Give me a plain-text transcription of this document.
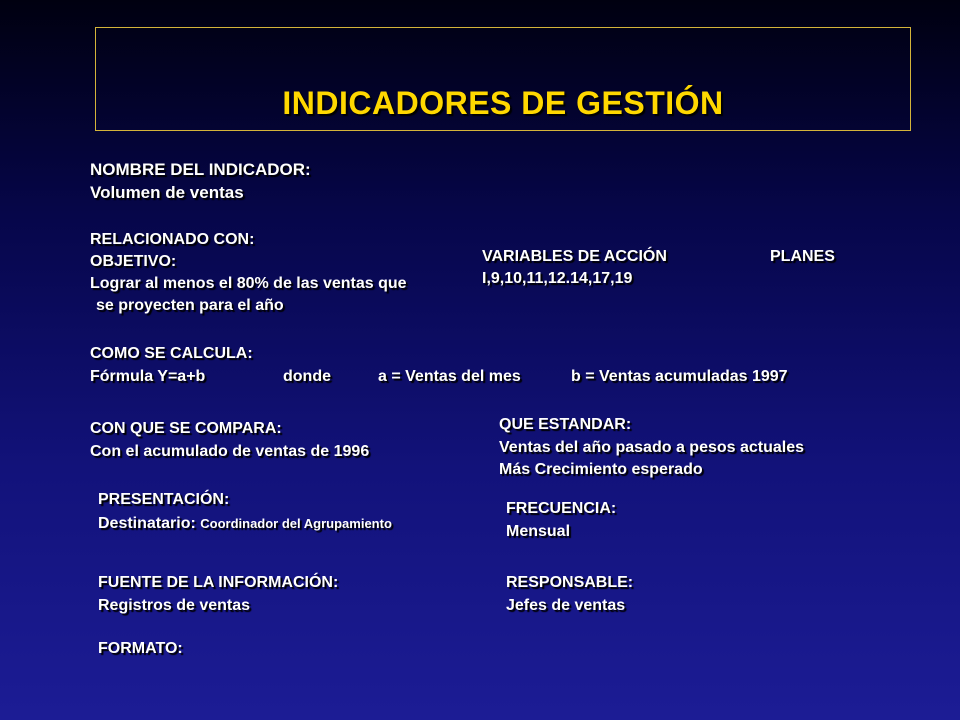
INDICADORES DE GESTIÓN
NOMBRE DEL INDICADOR:
Volumen de ventas
RELACIONADO CON:
OBJETIVO:
Lograr al menos el 80% de las ventas que
se proyecten para el año
VARIABLES DE ACCIÓN	PLANES
I,9,10,11,12.14,17,19
COMO SE CALCULA:
Fórmula Y=a+b	donde	a = Ventas del mes	b = Ventas acumuladas 1997
CON QUE SE COMPARA:
Con el acumulado de ventas de 1996
QUE ESTANDAR:
Ventas del año pasado a pesos actuales
Más Crecimiento esperado
PRESENTACIÓN:
Destinatario: Coordinador del Agrupamiento
FRECUENCIA:
Mensual
FUENTE DE LA INFORMACIÓN:
Registros de ventas
RESPONSABLE:
Jefes de ventas
FORMATO:
